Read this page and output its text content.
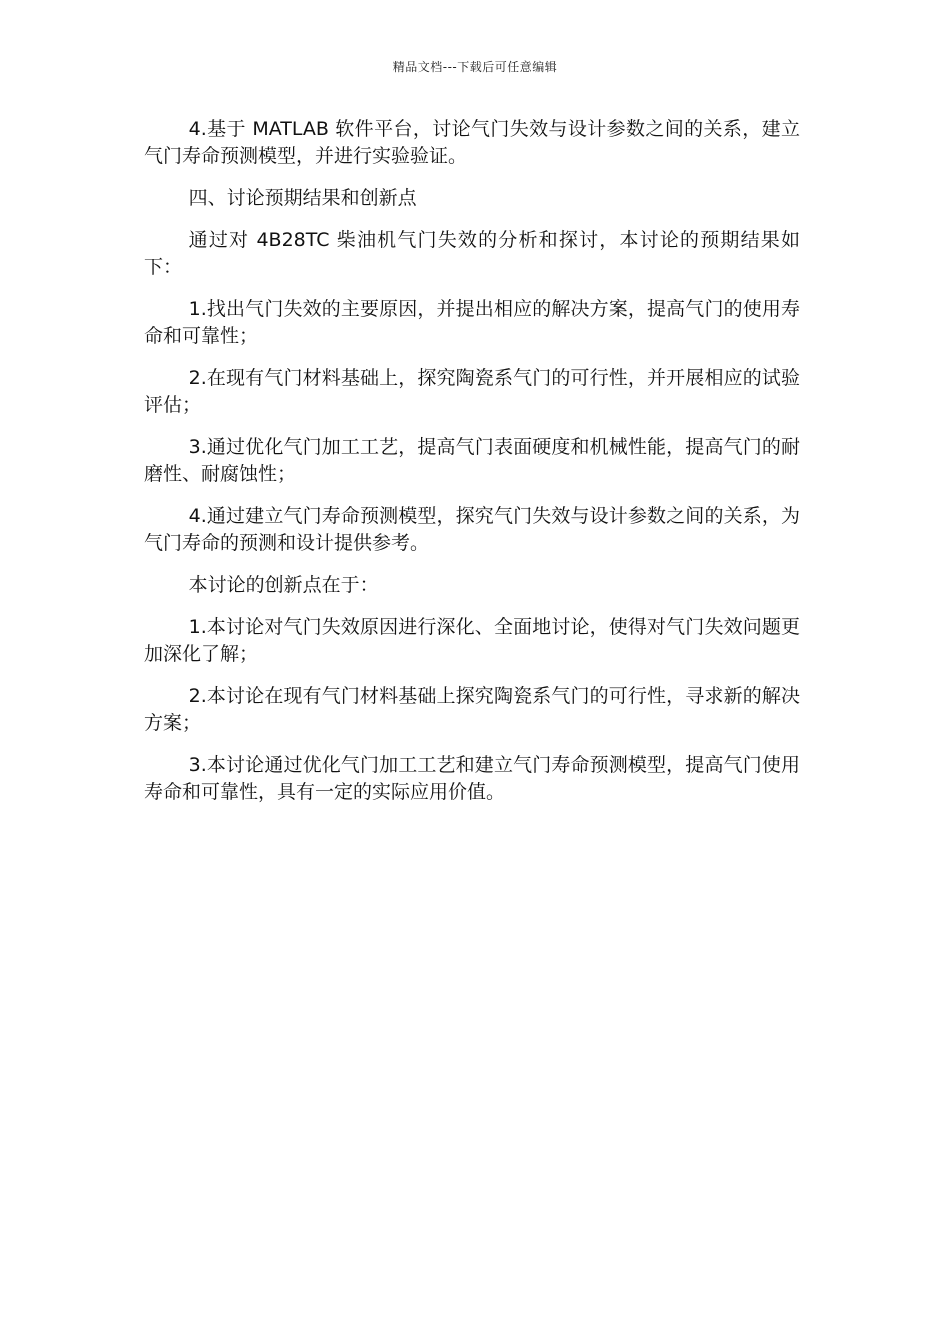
精品文档---下载后可任意编辑

4.基于 MATLAB 软件平台，讨论气门失效与设计参数之间的关系，建立气门寿命预测模型，并进行实验验证。

四、讨论预期结果和创新点

通过对 4B28TC 柴油机气门失效的分析和探讨，本讨论的预期结果如下：

1.找出气门失效的主要原因，并提出相应的解决方案，提高气门的使用寿命和可靠性；

2.在现有气门材料基础上，探究陶瓷系气门的可行性，并开展相应的试验评估；

3.通过优化气门加工工艺，提高气门表面硬度和机械性能，提高气门的耐磨性、耐腐蚀性；

4.通过建立气门寿命预测模型，探究气门失效与设计参数之间的关系，为气门寿命的预测和设计提供参考。

本讨论的创新点在于：

1.本讨论对气门失效原因进行深化、全面地讨论，使得对气门失效问题更加深化了解；

2.本讨论在现有气门材料基础上探究陶瓷系气门的可行性，寻求新的解决方案；

3.本讨论通过优化气门加工工艺和建立气门寿命预测模型，提高气门使用寿命和可靠性，具有一定的实际应用价值。
